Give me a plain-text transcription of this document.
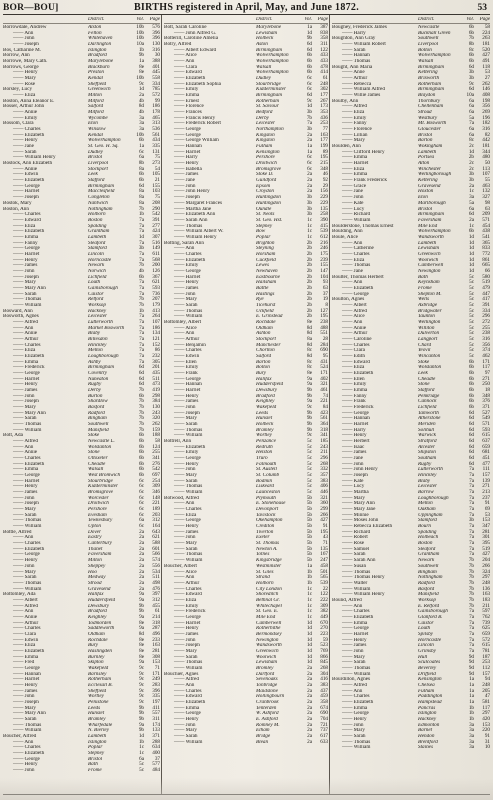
BOR—BOU]	BIRTHS registered in April, May, and June 1872.	53
District.	Vol.	Page
Borrowdale, Andrew	Alston	10b	576
—— Ann	Felton	10b	396
—— John	Whitehaven	10b	396
—— Joseph	Darlington	10a	130
Bos, Catharine M.	Islington	1b	316
Borrow, Ann	Bradford	9b	30
Borrowe, Mary Cath.	Marylebone	1a	388
Borrows, George	Blackburn	8e	401
—— Henry	Preston	8e	445
—— Mary	Kendal	10b	558
—— Rose	Sheffield	9c	334
Borsley, Lucy	Greenwich	1d	785
—— Eliza	Milton	2a	572
Boston, Anna Eleanor E.	Mitford	4b	99
Bosser, Arthur John	Salford	8d	186
—— Annie	Mitford	4b	178
—— Emily	Wycombe	3a	465
Bossom, Clara	Eton	3a	313
—— Charles	Winslow	3a	536
—— Elizabeth	Kendal	10b	561
—— Henry	Wolverhampton	6b	434
—— Jane	St. Geo. H. Sq.	1a	335
—— Sarah	Dudley	6c	131
—— William Henry	Bristol	6a	75
Bostock, Ann Elizabeth	Liverpool	8b	273
—— Annie	Stockport	8a	54
—— Edwin	Leek	6b	105
—— Elizabeth	Stafford	6b	21
—— George	Birmingham	6d	155
—— Harriet	Macclesfield	8a	103
—— Joseph	Congleton	8a	75
Bostok, Mary	Nantwich	8a	208
Boston, Ann	Nottingham	7b	290
—— Charles	Holborn	1b	542
—— Edward	Boston	7a	391
—— Eliza	Spalding	7a	277
—— Elizabeth	Grantham	7a	424
—— Emma	Lambeth	1d	307
—— Fanny	Sleaford	7a	516
—— George	Stamford	3b	149
—— Harriet	Lincoln	7a	611
—— Henry	Horncastle	7a	568
—— James	Newark	7b	200
—— John	Norwich	4b	126
—— Joseph	Lichfield	6b	367
—— Mary	Louth	7a	621
—— Mary Ann	Gainsborough	7a	593
—— Sarah	Caistor	7a	736
—— Thomas	Retford	7b	207
—— William	Worksop	7b	179
Bosward, Ann	Hackney	1b	413
Bosworth, Agnes	Leicester	7a	264
—— Alfred	Lutterworth	7a	107
—— Ann	Market Bosworth	7a	186
—— Annie	Blaby	7a	134
—— Arthur	Billesdon	7a	121
—— Charles	Hinckley	7a	152
—— Eliza	Melton	7a	86
—— Elizabeth	Loughborough	7a	232
—— Emma	Ashby	7a	305
—— Frederick	Birmingham	6d	201
—— George	Coventry	6d	435
—— Harriet	Nuneaton	6d	511
—— Henry	Rugby	6d	473
—— James	Derby	7b	419
—— John	Burton	6b	298
—— Joseph	Shardlow	7b	384
—— Mary	Basford	7b	130
—— Mary Ann	Radford	7b	243
—— Sarah	Bingham	7b	320
—— Thomas	Southwell	7b	262
—— William	Mansfield	7b	159
Bott, Ada	Stoke	6b	188
—— Alfred	Newcastle L.	6b	58
—— Ann	Wolstanton	6b	124
—— Annie	Stone	6b	255
—— Charles	Uttoxeter	6b	341
—— Elizabeth	Cheadle	6b	276
—— Emma	Walsall	6b	542
—— George	West Bromwich	6b	697
—— Harriet	Stourbridge	6c	254
—— Henry	Kidderminster	6c	309
—— James	Bromsgrove	6c	346
—— John	Worcester	6c	148
—— Joseph	Droitwich	6c	221
—— Mary	Pershore	6c	189
—— Sarah	Evesham	6c	203
—— Thomas	Tewkesbury	6a	312
—— William	Upton	6c	164
Bottle, Alfred	Dover	2a	643
—— Ann	Eastry	2a	621
—— Charles	Canterbury	2a	588
—— Elizabeth	Thanet	2a	601
—— George	Faversham	2a	566
—— Henry	Milton	2a	574
—— John	Sheppey	2a	556
—— Mary	Hoo	2a	534
—— Sarah	Medway	2a	511
—— Thomas	Strood	2a	498
—— William	Gravesend	2a	476
Bottomley, Ada	Halifax	9a	397
—— Albert	Huddersfield	9a	312
—— Alfred	Dewsbury	9b	455
—— Ann	Bradford	9b	61
—— Annie	Keighley	9a	214
—— Arthur	Todmorden	8e	318
—— Charles	Saddleworth	9a	287
—— Clara	Oldham	8d	496
—— Edwin	Rochdale	8e	233
—— Eliza	Bury	8e	163
—— Elizabeth	Haslingden	8e	281
—— Emma	Burnley	8e	308
—— Fred	Skipton	9a	153
—— George	Wakefield	9c	71
—— Hannah	Barnsley	9c	171
—— Harriet	Rotherham	9c	249
—— Henry	Ecclesall B.	9c	283
—— James	Sheffield	9c	396
—— John	Wortley	9c	335
—— Joseph	Penistone	9c	197
—— Mary	Leeds	9b	411
—— Mary Ann	Hunslet	9b	557
—— Sarah	Bramley	9b	311
—— Thomas	Wharfedale	9a	174
—— William	N. Bierley	9b	133
Boucher, Alfred	Lambeth	1d	371
—— Ann	Islington	1b	288
—— Charles	Poplar	1c	634
—— Elizabeth	Stepney	1c	400
—— George	Bristol	6a	37
—— Henry	Bath	5c	577
—— John	Frome	5c	484
District.	Vol.	Page
Bott, Sarah Caroline	Marylebone	1a	387
—— John Alfred G.	Lewisham	1d	838
Botterill, Caroline Amelia	Holbeck	9b	358
Botry, Alfred	Aston	6d	311
—— Albert Edward	Birmingham	6d	122
—— Alice	Wolverhampton	6b	433
—— Ann	Wolverhampton	6b	433
—— Clara	Walsall	6b	478
—— Edward	Wolverhampton	6b	414
—— Elizabeth	Dudley	6c	61
—— Elizabeth Sophia	Stourbridge	6c	248
—— Emily	Kidderminster	6c	302
—— Emma	Birmingham	6d	177
—— Ernest	Rotherham	9c	267
—— Florence	St. Saviour	1d	173
—— Frances	Bedford	3b	353
—— Francis Henry	Derby	7b	436
—— Frederick Robert	Leicester	7a	253
—— George	Northampton	3b	77
—— George	Kingston	2a	163
—— George William	Kingston	2a	177
—— Hannah	Fulham	1a	199
—— Harriet	Kensington	1a	89
—— Harry	Pershore	6c	195
—— Henry	Droitwich	6c	215
—— Isabella	Bromsgrove	6c	348
—— James	Stoke D.	2a	46
—— Jane	Guildford	2a	92
—— John	Epsom	2a	29
—— John Henry	Croydon	2a	156
—— Joseph	Huntingdon	3b	229
—— Margaret Frances	Huntingdon	3b	229
—— Martha Jane	Oundle	3b	135
—— Elizabeth Ann	St. Neots	3b	258
—— Sarah Ann	St. Geo. Hst.	1c	390
—— Thomas	Stepney	1c	415
—— William Albert W.	Bow	1c	539
—— William Henry	Poplar	1c	612
Botting, Sarah Ann	Brighton	2b	216
—— Ann	Steyning	2b	246
—— Charles	Horsham	2b	175
—— Elizabeth	Cuckfield	2b	239
—— Emily	Lewes	2b	155
—— George	Newhaven	2b	147
—— Harriet	Eastbourne	2b	104
—— Henry	Hailsham	2b	93
—— James	Battle	2b	63
—— John	Hastings	2b	37
—— Mary	Rye	2b	19
—— Sarah	Ticehurst	2b	8
—— Thomas	Uckfield	2b	127
—— William	E. Grinstead	2b	195
Bottomley, Albert	Rochdale	8e	238
—— Alice	Oldham	8d	488
—— Ann	Ashton	8d	551
—— Arthur	Stockport	8a	28
—— Benjamin	Manchester	8d	284
—— Charles	Chorlton	8c	690
—— Edwin	Salford	8d	95
—— Ellen	Barton	8c	431
—— Emily	Bolton	8c	524
—— Frank	Bury	8e	171
—— George	Halifax	9a	402
—— Hannah	Huddersfield	9a	321
—— Harriet	Dewsbury	9b	461
—— Henry	Bradford	9b	74
—— James	Keighley	9a	221
—— John	Wakefield	9c	84
—— Joseph	Leeds	9b	423
—— Mary	Hunslet	9b	561
—— Sarah	Holbeck	9b	364
—— Thomas	Bramley	9b	318
—— William	Wortley	9c	341
Bottrell, Ann	Penzance	5c	185
—— Elizabeth	Redruth	5c	243
—— Emily	Helston	5c	211
—— George	Truro	5c	296
—— Henry	Falmouth	5c	268
—— John	St. Austell	5c	332
—— Mary	St. Columb	5c	357
—— Sarah	Bodmin	5c	383
—— Thomas	Liskeard	5c	406
—— William	Launceston	5c	446
Botwood, Alfred	Plymouth	5b	321
—— Ann	E. Stonehouse	5b	360
—— Charles	Devonport	5b	299
—— Eliza	Tavistock	5b	266
—— George	Okehampton	5b	427
—— Henry	Crediton	5b	91
—— James	Tiverton	5b	195
—— John	Exeter	5b	43
—— Mary	St. Thomas	5b	71
—— Sarah	Newton A.	5b	135
—— Thomas	Totnes	5b	167
—— William	Kingsbridge	5b	247
Boucher, Albert	Westminster	1a	458
—— Alice	St. Giles	1b	501
—— Ann	Strand	1b	565
—— Arthur	Holborn	1b	539
—— Charles	City London	1c	22
—— Edward	Shoreditch	1c	122
—— Eliza	Bethnal Gr.	1c	222
—— Emily	Whitechapel	1c	309
—— Frederick	St. Geo. E.	1c	382
—— George	Mile End	1c	449
—— Harriet	Camberwell	1d	670
—— Henry	Rotherhithe	1d	270
—— James	Bermondsey	1d	223
—— John	Newington	1d	59
—— Joseph	Wandsworth	1d	523
—— Mary	Greenwich	1d	769
—— Sarah	Woolwich	1d	866
—— Thomas	Lewisham	1d	845
—— William	Bromley	2a	268
Bouchier, Agnes	Dartford	2a	304
—— Alfred	Sevenoaks	2a	416
—— Ann	Tonbridge	2a	383
—— Charles	Maidstone	2a	437
—— Edward	Hollingbourn	2a	459
—— Elizabeth	Cranbrook	2a	358
—— Emma	Tenterden	2a	674
—— George	W. Ashford	2a	690
—— Henry	E. Ashford	2a	704
—— John	Romney M.	2a	721
—— Mary	Elham	2a	737
—— Sarah	Bridge	2a	617
—— William	Blean	2a	633
District.	Vol.	Page
Boughey, Frederick James	Newcastle	6b	58
—— Harry	Bucknall Green	6b	224
Boughton, Ann Gray	Southwell	7b	263
—— William Robert	Liverpool	8b	181
—— Sarah	Bolton	8c	520
—— Hannah	Wolverhampton	6b	427
—— Thomas	Walsall	6b	491
Bought, Ann Maria	Birmingham	6d	118
—— Anne	Kettering	3b	53
—— Arthur	Brixworth	3b	27
—— Rebecca	Rotherham	9c	262
—— William Alfred	Birmingham	6d	146
—— Willie James	Blaydon	10a	408
Boulby, Ann	Thornbury	6a	198
—— Alfred	Cheltenham	6a	356
—— Eliza	Stroud	6a	269
—— Emily	Westbury	5a	196
—— Fanny	Mt. Bosworth	7a	182
—— Florence	Gloucester	6a	316
—— Lillian	Bristol	6a	82
—— Mary	Barton	8c	442
Boulden, Ann	Wokingham	2c	181
—— Clifford Henry	Lambeth	1d	344
—— Emma	Portsea	2b	480
—— Harriet	Alton	2c	50
—— Eliza	Winchester	2c	113
—— Emma	Wellingborough	3b	107
—— Frank Frederick	Kettering	3b	55
—— Grace	Gravesend	2a	463
—— Jane	Hoxton	1c	132
—— John	Eton	3a	327
—— Kate	Marlborough	5a	98
—— Lucy	Bristol	6a	63
—— Richard	Birmingham	6d	209
—— William	Faversham	2a	571
Boulderstone, Thomas Ernest	Mile End	1c	454
Boulding, Ann	Wolverhampton	6b	438
Boule, Alice	Wandsworth	1d	541
—— Ann	Lambeth	1d	365
—— Catherine	Lewisham	1d	833
—— Charles	Greenwich	1d	772
—— Eliza	Woolwich	1d	861
—— Thomas	Camberwell	1d	665
—— Jane	Newington	1d	66
Boulter, Thomas Herbert	Bath	5c	580
—— Ann	Keynsham	5c	519
—— Elizabeth	Frome	5c	479
—— George	Shepton M.	5c	447
Boulton, Agnes	Wells	5c	417
—— Albert	Axbridge	5c	391
—— Alfred	Bridgwater	5c	334
—— Alice	Taunton	5c	296
—— Ann	Wellington	5c	272
—— Annie	Williton	5c	255
—— Arthur	Dulverton	5c	238
—— Caroline	Langport	5c	316
—— Charles	Chard	5c	356
—— Clara	Yeovil	5c	374
—— Edith	Wincanton	5c	462
—— Edward	Stoke	6b	171
—— Eliza	Wolstanton	6b	117
—— Elizabeth	Leek	6b	97
—— Ellen	Cheadle	6b	271
—— Emily	Stone	6b	250
—— Emma	Stafford	6b	18
—— Fanny	Penkridge	6b	348
—— Frank	Cannock	6b	376
—— Frederick	Lichfield	6b	371
—— George	Tamworth	6d	527
—— Hannah	Atherstone	6d	549
—— Harriet	Meriden	6d	571
—— Harry	Solihull	6d	593
—— Henry	Warwick	6d	615
—— Herbert	Stratford	6d	637
—— Isaac	Alcester	6d	659
—— James	Shipston	6d	681
—— Jane	Southam	6d	451
—— John	Rugby	6d	477
—— John Henry	Lutterworth	7a	111
—— Joseph	Hinckley	7a	157
—— Kate	Blaby	7a	139
—— Lucy	Leicester	7a	271
—— Martha	Barrow	7a	213
—— Mary	Loughborough	7a	237
—— Mary Ann	Melton	7a	91
—— Mary Jane	Oakham	7a	69
—— Minnie	Uppingham	7a	53
—— Moses John	Stamford	3b	153
—— Rebecca Elizabeth	Bourn	7a	347
—— Richard	Spalding	7a	281
—— Robert	Holbeach	7a	301
—— Rose	Boston	7a	395
—— Samuel	Sleaford	7a	519
—— Sarah	Grantham	7a	427
—— Sarah Ann	Newark	7b	204
—— Susan	Southwell	7b	266
—— Thomas	Bingham	7b	324
—— Thomas Henry	Nottingham	7b	297
—— Walter	Radford	7b	248
—— William	Basford	7b	136
—— William Henry	Mansfield	7b	163
Bound, Alfred	Worksop	7b	183
—— Ann	E. Retford	7b	211
—— Charles	Gainsborough	7a	597
—— Elizabeth	Glanford B.	7a	762
—— Emma	Caistor	7a	739
—— George	Louth	7a	625
—— Harriet	Spilsby	7a	659
—— Henry	Horncastle	7a	572
—— James	Lincoln	7a	615
—— John	Grimsby	7a	781
—— Mary	Hull	9d	187
—— Sarah	Sculcoates	9d	253
—— Thomas	Beverley	9d	112
—— William	Driffield	9d	157
Bourdillon, Agnes	Kensington	1a	94
—— Alfred	Chelsea	1a	248
—— Ann	Fulham	1a	205
—— Charles	Paddington	1a	47
—— Elizabeth	Hampstead	1a	581
—— Emma	Pancras	1b	117
—— George	Islington	1b	297
—— Henry	Hackney	1b	420
—— John	Edmonton	3a	153
—— Mary	Barnet	3a	220
—— Sarah	Hendon	3a	91
—— Thomas	Brentford	3a	31
—— William	Staines	3a	10
